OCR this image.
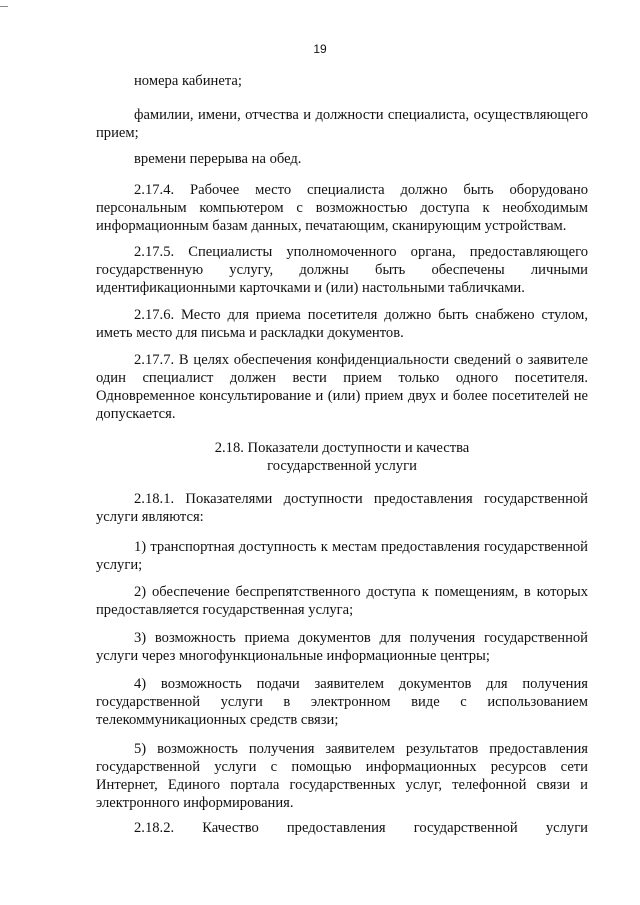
19

номера кабинета;

фамилии, имени, отчества и должности специалиста, осуществляющего прием;

времени перерыва на обед.

2.17.4. Рабочее место специалиста должно быть оборудовано персональным компьютером с возможностью доступа к необходимым информационным базам данных, печатающим, сканирующим устройствам.

2.17.5. Специалисты уполномоченного органа, предоставляющего государственную услугу, должны быть обеспечены личными идентификационными карточками и (или) настольными табличками.

2.17.6. Место для приема посетителя должно быть снабжено стулом, иметь место для письма и раскладки документов.

2.17.7. В целях обеспечения конфиденциальности сведений о заявителе один специалист должен вести прием только одного посетителя. Одновременное консультирование и (или) прием двух и более посетителей не допускается.

2.18. Показатели доступности и качества

государственной услуги

2.18.1. Показателями доступности предоставления государственной услуги являются:

1) транспортная доступность к местам предоставления государственной услуги;

2) обеспечение беспрепятственного доступа к помещениям, в которых предоставляется государственная услуга;

3) возможность приема документов для получения государственной услуги через многофункциональные информационные центры;

4) возможность подачи заявителем документов для получения государственной услуги в электронном виде с использованием телекоммуникационных средств связи;

5) возможность получения заявителем результатов предоставления государственной услуги с помощью информационных ресурсов сети Интернет, Единого портала государственных услуг, телефонной связи и электронного информирования.

2.18.2. Качество предоставления государственной услуги
